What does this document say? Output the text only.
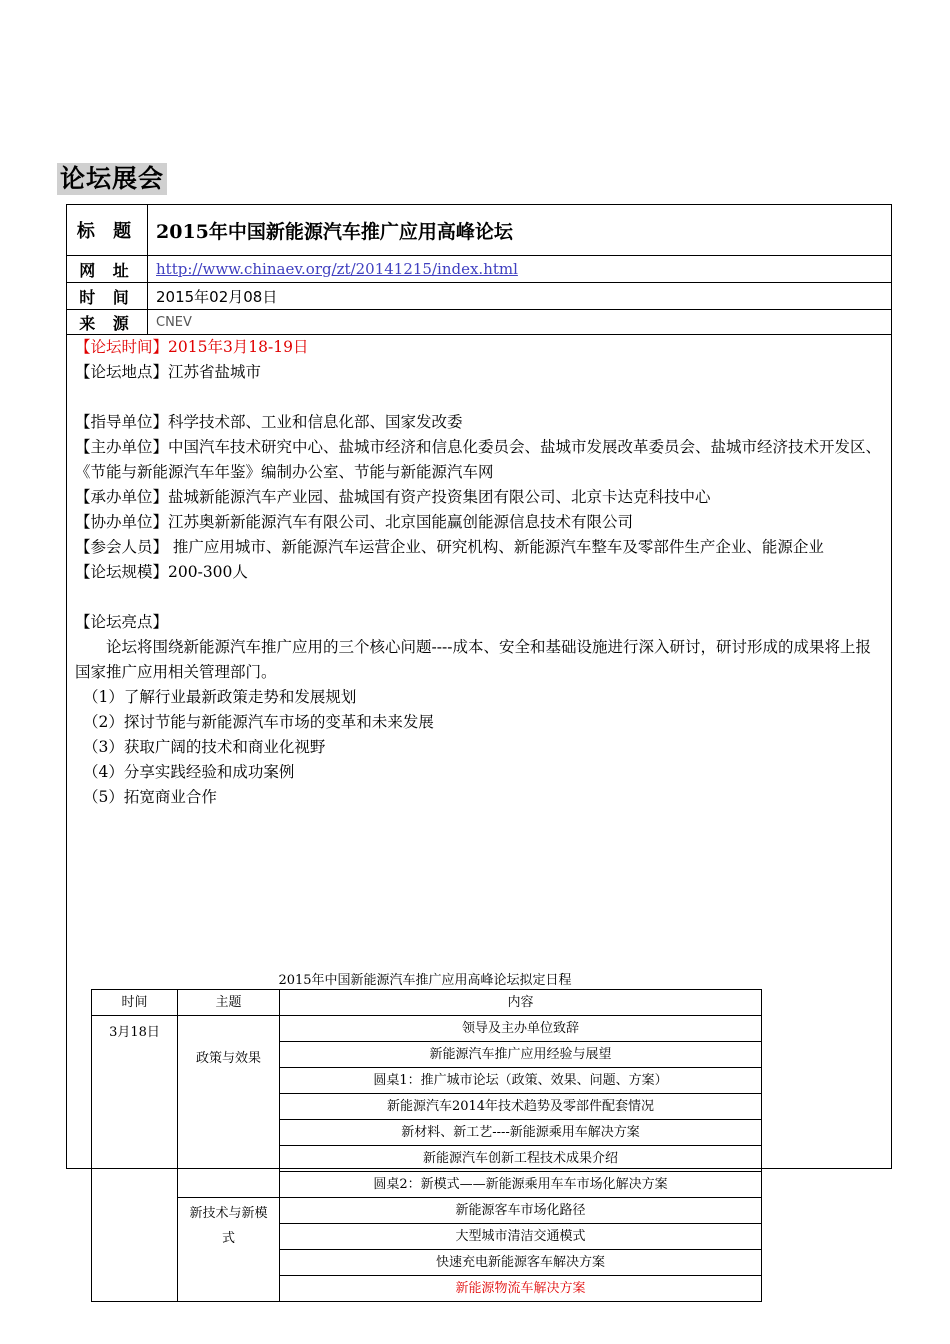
论坛展会
标 题 2015年中国新能源汽车推广应用高峰论坛
网 址	http://www.chinaev.org/zt/20141215/index.html
时 间	2015年02月08日
来 源	CNEV

【论坛时间】2015年3月18-19日

【论坛地点】江苏省盐城市

【指导单位】科学技术部、工业和信息化部、国家发改委

【主办单位】中国汽车技术研究中心、盐城市经济和信息化委员会、盐城市发展改革委员会、盐城市经济技术开发区、《节能与新能源汽车年鉴》编制办公室、节能与新能源汽车网

【承办单位】盐城新能源汽车产业园、盐城国有资产投资集团有限公司、北京卡达克科技中心

【协办单位】江苏奥新新能源汽车有限公司、北京国能赢创能源信息技术有限公司

【参会人员】 推广应用城市、新能源汽车运营企业、研究机构、新能源汽车整车及零部件生产企业、能源企业

【论坛规模】200-300人

【论坛亮点】

论坛将围绕新能源汽车推广应用的三个核心问题----成本、安全和基础设施进行深入研讨，研讨形成的成果将上报国家推广应用相关管理部门。

（1）了解行业最新政策走势和发展规划

（2）探讨节能与新能源汽车市场的变革和未来发展

（3）获取广阔的技术和商业化视野

（4）分享实践经验和成功案例

（5）拓宽商业合作

2015年中国新能源汽车推广应用高峰论坛拟定日程
时间	主题	内容
3月18日	政策与效果	领导及主办单位致辞
		新能源汽车推广应用经验与展望
		圆桌1：推广城市论坛（政策、效果、问题、方案）
		新能源汽车2014年技术趋势及零部件配套情况
		新材料、新工艺----新能源乘用车解决方案
		新能源汽车创新工程技术成果介绍
		圆桌2：新模式——新能源乘用车车市场化解决方案
	新技术与新模式	新能源客车市场化路径
		大型城市清洁交通模式
		快速充电新能源客车解决方案
		新能源物流车解决方案
